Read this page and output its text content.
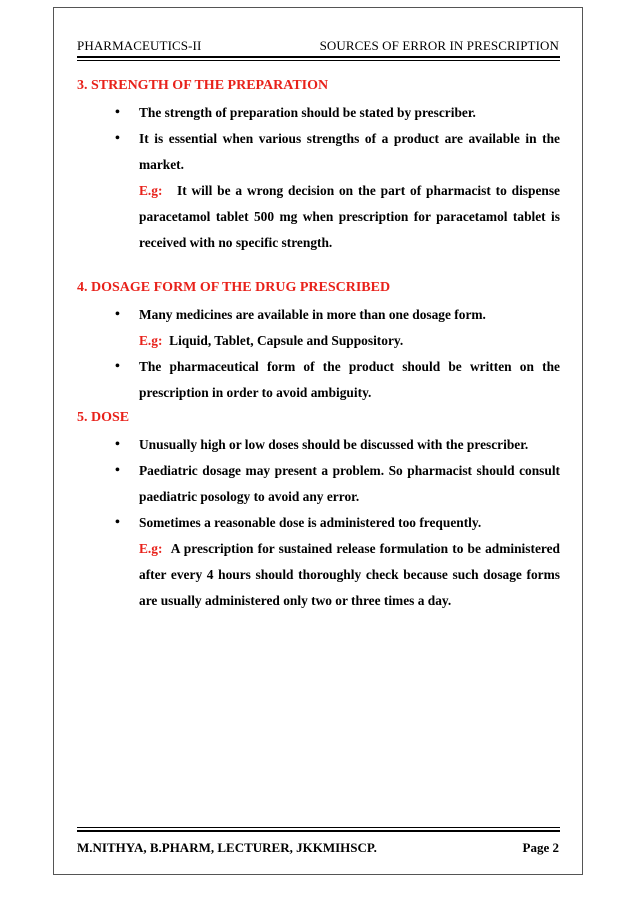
PHARMACEUTICS-II	SOURCES OF ERROR IN PRESCRIPTION
3. STRENGTH OF THE PREPARATION
• The strength of preparation should be stated by prescriber.
• It is essential when various strengths of a product are available in the market.
E.g: It will be a wrong decision on the part of pharmacist to dispense paracetamol tablet 500 mg when prescription for paracetamol tablet is received with no specific strength.
4. DOSAGE FORM OF THE DRUG PRESCRIBED
• Many medicines are available in more than one dosage form.
E.g: Liquid, Tablet, Capsule and Suppository.
• The pharmaceutical form of the product should be written on the prescription in order to avoid ambiguity.
5. DOSE
• Unusually high or low doses should be discussed with the prescriber.
• Paediatric dosage may present a problem. So pharmacist should consult paediatric posology to avoid any error.
• Sometimes a reasonable dose is administered too frequently.
E.g: A prescription for sustained release formulation to be administered after every 4 hours should thoroughly check because such dosage forms are usually administered only two or three times a day.
M.NITHYA, B.PHARM, LECTURER, JKKMIHSCP.	Page 2
